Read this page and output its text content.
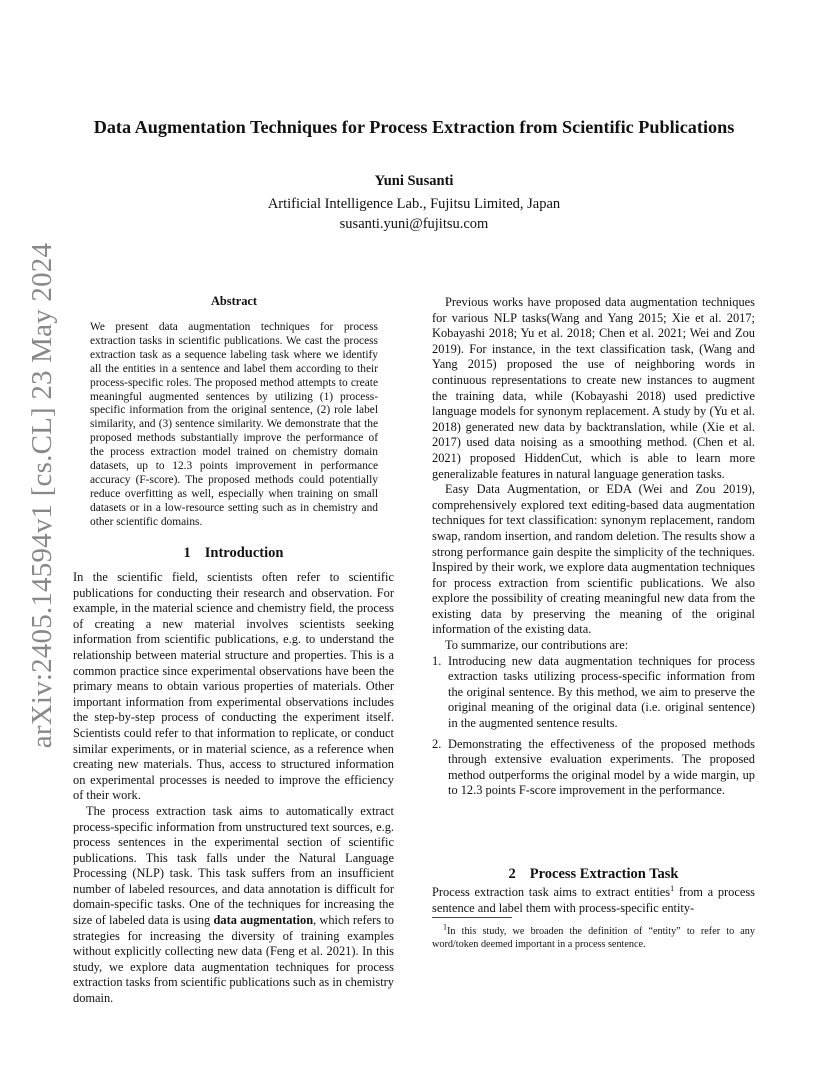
arXiv:2405.14594v1 [cs.CL] 23 May 2024
Data Augmentation Techniques for Process Extraction from Scientific Publications
Yuni Susanti
Artificial Intelligence Lab., Fujitsu Limited, Japan
susanti.yuni@fujitsu.com
Abstract

We present data augmentation techniques for process extraction tasks in scientific publications. We cast the process extraction task as a sequence labeling task where we identify all the entities in a sentence and label them according to their process-specific roles. The proposed method attempts to create meaningful augmented sentences by utilizing (1) process-specific information from the original sentence, (2) role label similarity, and (3) sentence similarity. We demonstrate that the proposed methods substantially improve the performance of the process extraction model trained on chemistry domain datasets, up to 12.3 points improvement in performance accuracy (F-score). The proposed methods could potentially reduce overfitting as well, especially when training on small datasets or in a low-resource setting such as in chemistry and other scientific domains.

1 Introduction

In the scientific field, scientists often refer to scientific publications for conducting their research and observation. For example, in the material science and chemistry field, the process of creating a new material involves scientists seeking information from scientific publications, e.g. to understand the relationship between material structure and properties. This is a common practice since experimental observations have been the primary means to obtain various properties of materials. Other important information from experimental observations includes the step-by-step process of conducting the experiment itself. Scientists could refer to that information to replicate, or conduct similar experiments, or in material science, as a reference when creating new materials. Thus, access to structured information on experimental processes is needed to improve the efficiency of their work.

The process extraction task aims to automatically extract process-specific information from unstructured text sources, e.g. process sentences in the experimental section of scientific publications. This task falls under the Natural Language Processing (NLP) task. This task suffers from an insufficient number of labeled resources, and data annotation is difficult for domain-specific tasks. One of the techniques for increasing the size of labeled data is using data augmentation, which refers to strategies for increasing the diversity of training examples without explicitly collecting new data (Feng et al. 2021). In this study, we explore data augmentation techniques for process extraction tasks from scientific publications such as in chemistry domain.

Previous works have proposed data augmentation techniques for various NLP tasks(Wang and Yang 2015; Xie et al. 2017; Kobayashi 2018; Yu et al. 2018; Chen et al. 2021; Wei and Zou 2019). For instance, in the text classification task, (Wang and Yang 2015) proposed the use of neighboring words in continuous representations to create new instances to augment the training data, while (Kobayashi 2018) used predictive language models for synonym replacement. A study by (Yu et al. 2018) generated new data by backtranslation, while (Xie et al. 2017) used data noising as a smoothing method. (Chen et al. 2021) proposed HiddenCut, which is able to learn more generalizable features in natural language generation tasks.

Easy Data Augmentation, or EDA (Wei and Zou 2019), comprehensively explored text editing-based data augmentation techniques for text classification: synonym replacement, random swap, random insertion, and random deletion. The results show a strong performance gain despite the simplicity of the techniques. Inspired by their work, we explore data augmentation techniques for process extraction from scientific publications. We also explore the possibility of creating meaningful new data from the existing data by preserving the meaning of the original information of the existing data.

To summarize, our contributions are:

1. Introducing new data augmentation techniques for process extraction tasks utilizing process-specific information from the original sentence. By this method, we aim to preserve the original meaning of the original data (i.e. original sentence) in the augmented sentence results.
2. Demonstrating the effectiveness of the proposed methods through extensive evaluation experiments. The proposed method outperforms the original model by a wide margin, up to 12.3 points F-score improvement in the performance.
2 Process Extraction Task

Process extraction task aims to extract entities$^1$ from a process sentence and label them with process-specific entity-

$^1$In this study, we broaden the definition of “entity” to refer to any word/token deemed important in a process sentence.
